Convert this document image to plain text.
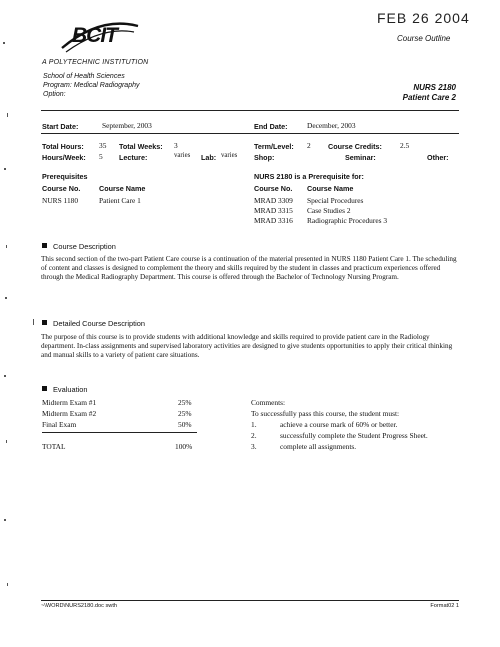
BCIT
A POLYTECHNIC INSTITUTION
School of Health Sciences
Program: Medical Radiography
Option:
FEB 26 2004
Course Outline
NURS 2180
Patient Care 2
Start Date:	September, 2003	End Date:	December, 2003
Total Hours: 35 Total Weeks: 3	Term/Level: 2 Course Credits: 2.5
Hours/Week: 5 Lecture:	varies Lab: varies Shop:	Seminar:	Other:
Prerequisites
Course No.	Course Name
NURS 1180	Patient Care 1
NURS 2180 is a Prerequisite for:
Course No. Course Name
MRAD 3309 Special Procedures
MRAD 3315 Case Studies 2
MRAD 3316 Radiographic Procedures 3
Course Description
This second section of the two-part Patient Care course is a continuation of the material presented in NURS 1180 Patient Care 1. The scheduling of content and classes is designed to complement the theory and skills required by the student in classes and practicum experiences offered through the Medical Radiography Department. This course is offered through the Bachelor of Technology Nursing Program.
Detailed Course Description
The purpose of this course is to provide students with additional knowledge and skills required to provide patient care in the Radiology department. In-class assignments and supervised laboratory activities are designed to give students opportunities to apply their critical thinking and manual skills to a variety of patient care situations.
Evaluation
Midterm Exam #1	25%
Midterm Exam #2	25%
Final Exam	50%
TOTAL	100%
Comments:
To successfully pass this course, the student must:
1.	achieve a course mark of 60% or better.
2.	successfully complete the Student Progress Sheet.
3.	complete all assignments.
~\WORD\NURS2180.doc swth	Format02 1
